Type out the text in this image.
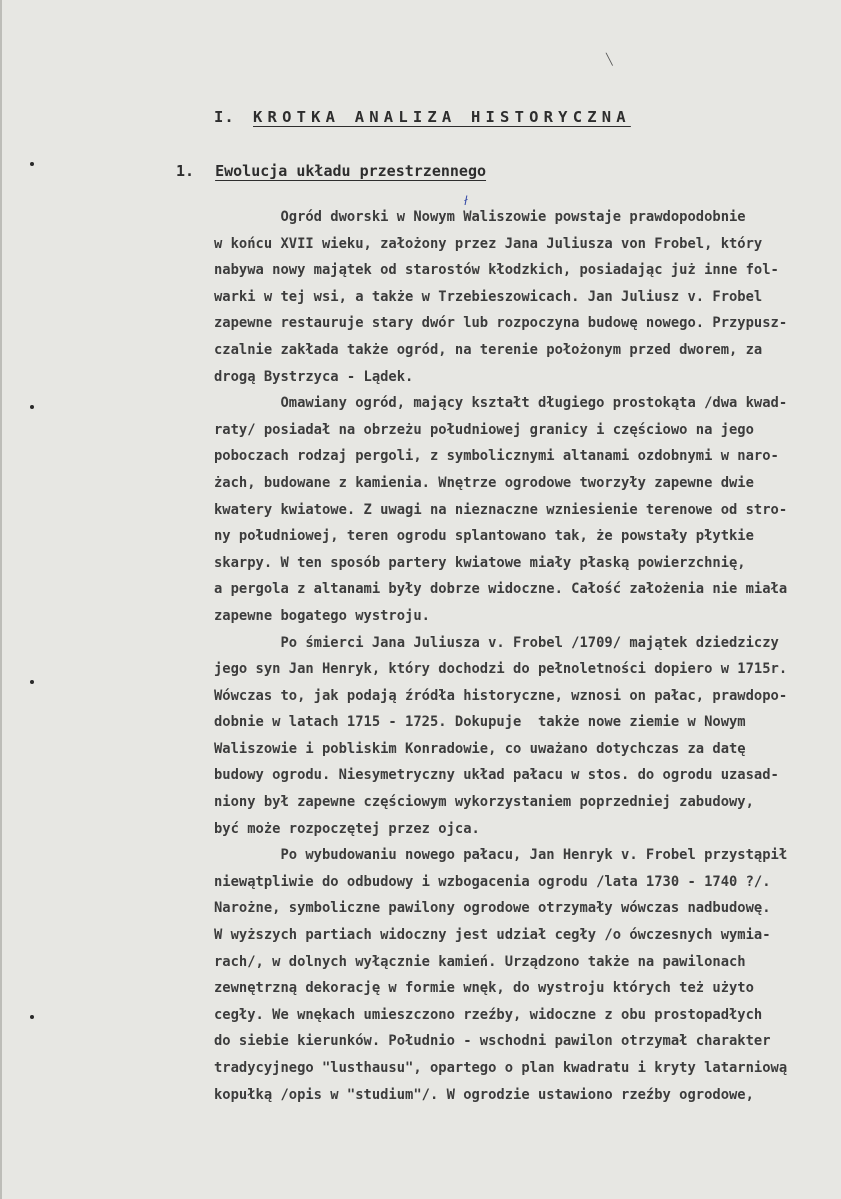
╲
I. KROTKA ANALIZA HISTORYCZNA
1. Ewolucja układu przestrzennego
ł
Ogród dworski w Nowym Waliszowie powstaje prawdopodobnie
w końcu XVII wieku, założony przez Jana Juliusza von Frobel, który
nabywa nowy majątek od starostów kłodzkich, posiadając już inne fol-
warki w tej wsi, a także w Trzebieszowicach. Jan Juliusz v. Frobel
zapewne restauruje stary dwór lub rozpoczyna budowę nowego. Przypusz-
czalnie zakłada także ogród, na terenie położonym przed dworem, za
drogą Bystrzyca - Lądek.
Omawiany ogród, mający kształt długiego prostokąta /dwa kwad-
raty/ posiadał na obrzeżu południowej granicy i częściowo na jego
poboczach rodzaj pergoli, z symbolicznymi altanami ozdobnymi w naro-
żach, budowane z kamienia. Wnętrze ogrodowe tworzyły zapewne dwie
kwatery kwiatowe. Z uwagi na nieznaczne wzniesienie terenowe od stro-
ny południowej, teren ogrodu splantowano tak, że powstały płytkie
skarpy. W ten sposób partery kwiatowe miały płaską powierzchnię,
a pergola z altanami były dobrze widoczne. Całość założenia nie miała
zapewne bogatego wystroju.
Po śmierci Jana Juliusza v. Frobel /1709/ majątek dziedziczy
jego syn Jan Henryk, który dochodzi do pełnoletności dopiero w 1715r.
Wówczas to, jak podają źródła historyczne, wznosi on pałac, prawdopo-
dobnie w latach 1715 - 1725. Dokupuje  także nowe ziemie w Nowym
Waliszowie i pobliskim Konradowie, co uważano dotychczas za datę
budowy ogrodu. Niesymetryczny układ pałacu w stos. do ogrodu uzasad-
niony był zapewne częściowym wykorzystaniem poprzedniej zabudowy,
być może rozpoczętej przez ojca.
Po wybudowaniu nowego pałacu, Jan Henryk v. Frobel przystąpił
niewątpliwie do odbudowy i wzbogacenia ogrodu /lata 1730 - 1740 ?/.
Narożne, symboliczne pawilony ogrodowe otrzymały wówczas nadbudowę.
W wyższych partiach widoczny jest udział cegły /o ówczesnych wymia-
rach/, w dolnych wyłącznie kamień. Urządzono także na pawilonach
zewnętrzną dekorację w formie wnęk, do wystroju których też użyto
cegły. We wnękach umieszczono rzeźby, widoczne z obu prostopadłych
do siebie kierunków. Południo - wschodni pawilon otrzymał charakter
tradycyjnego "lusthausu", opartego o plan kwadratu i kryty latarniową
kopułką /opis w "studium"/. W ogrodzie ustawiono rzeźby ogrodowe,
